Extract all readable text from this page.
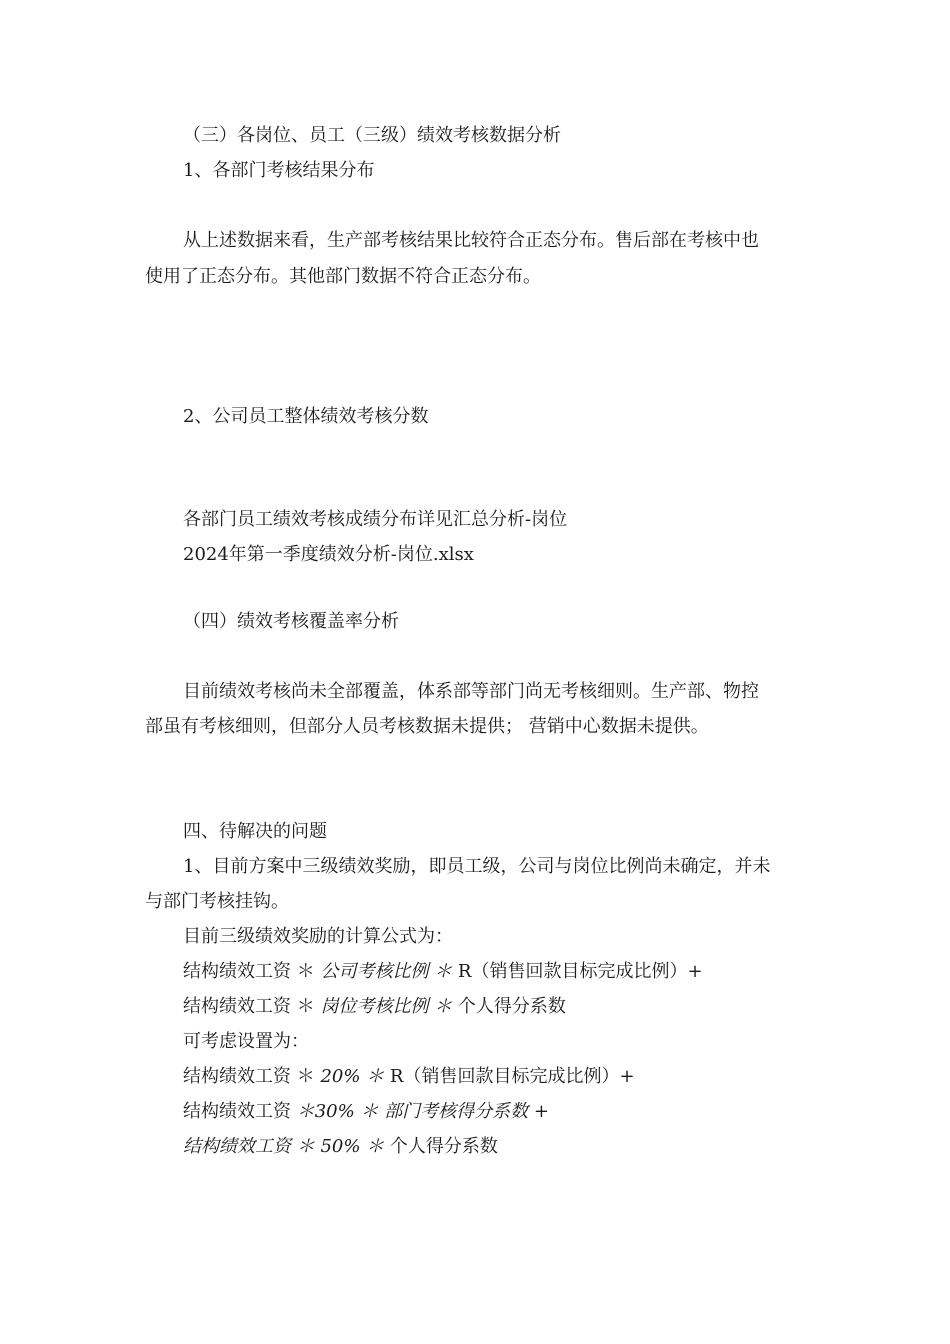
（三）各岗位、员工（三级）绩效考核数据分析
1、各部门考核结果分布
从上述数据来看，生产部考核结果比较符合正态分布。售后部在考核中也
使用了正态分布。其他部门数据不符合正态分布。
2、公司员工整体绩效考核分数
各部门员工绩效考核成绩分布详见汇总分析-岗位
2024年第一季度绩效分析-岗位.xlsx
（四）绩效考核覆盖率分析
目前绩效考核尚未全部覆盖，体系部等部门尚无考核细则。生产部、物控
部虽有考核细则，但部分人员考核数据未提供； 营销中心数据未提供。
四、待解决的问题
1、目前方案中三级绩效奖励，即员工级，公司与岗位比例尚未确定，并未
与部门考核挂钩。
目前三级绩效奖励的计算公式为：
结构绩效工资 ＊ 公司考核比例 ＊ R（销售回款目标完成比例）+
结构绩效工资 ＊ 岗位考核比例 ＊ 个人得分系数
可考虑设置为：
结构绩效工资 ＊ 20% ＊ R（销售回款目标完成比例）+
结构绩效工资 ＊30% ＊ 部门考核得分系数 +
结构绩效工资 ＊ 50% ＊ 个人得分系数
